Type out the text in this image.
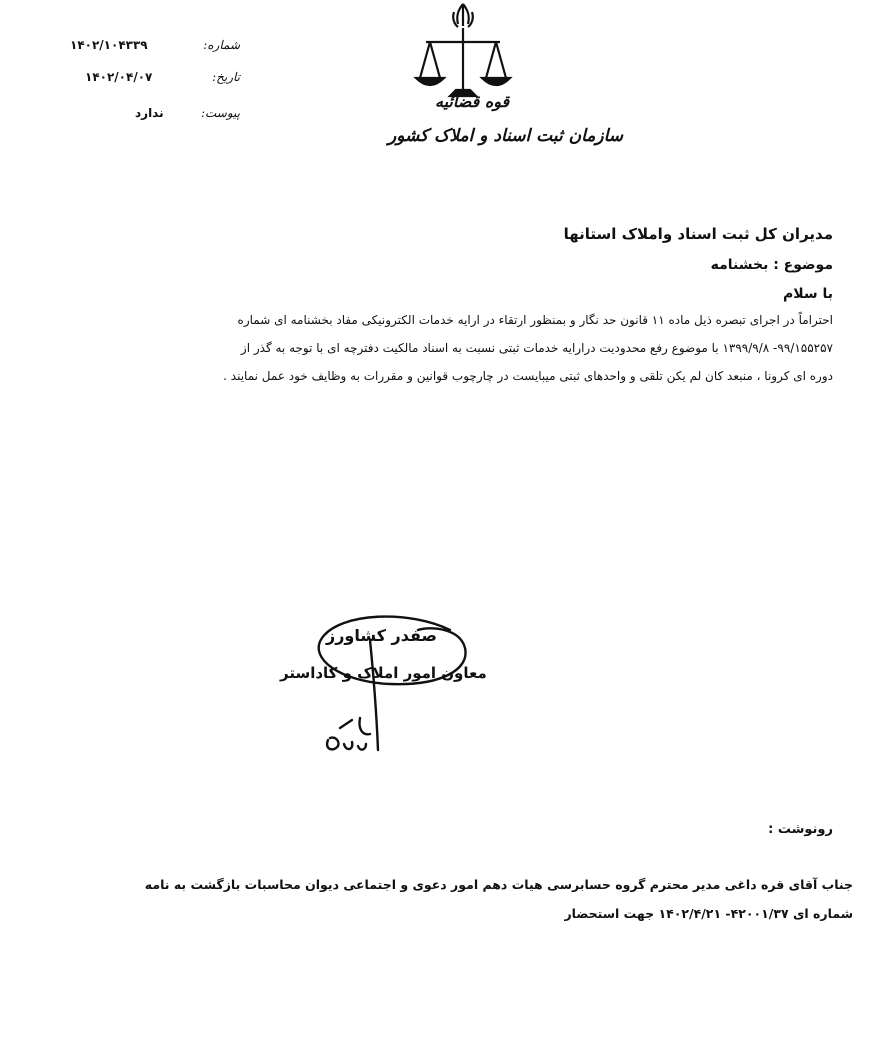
شماره:
۱۴۰۲/۱۰۴۳۳۹
تاریخ:
۱۴۰۲/۰۴/۰۷
پیوست:
ندارد
قوه قضائیه
سازمان ثبت اسناد و املاک کشور
مدیران کل ثبت اسناد واملاک استانها
موضوع : بخشنامه
با سلام
احتراماً در اجرای تبصره ذیل ماده ۱۱ قانون حد نگار و بمنظور ارتقاء در ارایه خدمات الکترونیکی مفاد بخشنامه ای شماره
۹۹/۱۵۵۲۵۷- ۱۳۹۹/۹/۸ با موضوع رفع محدودیت درارایه خدمات ثبتی نسبت به اسناد مالکیت دفترچه ای با توجه به گذر از
دوره ای کرونا ، منبعد کان لم یکن تلقی و واحدهای ثبتی میبایست در چارچوب قوانین و مقررات به وظایف خود عمل نمایند .
صفدر کشاورز
معاون امور املاک و کاداستر
رونوشت :
جناب آقای قره داغی مدیر محترم گروه حسابرسی هیات دهم امور دعوی و اجتماعی دیوان محاسبات بازگشت به نامه
شماره ای ۴۲۰۰۱/۳۷- ۱۴۰۲/۴/۲۱ جهت استحضار
